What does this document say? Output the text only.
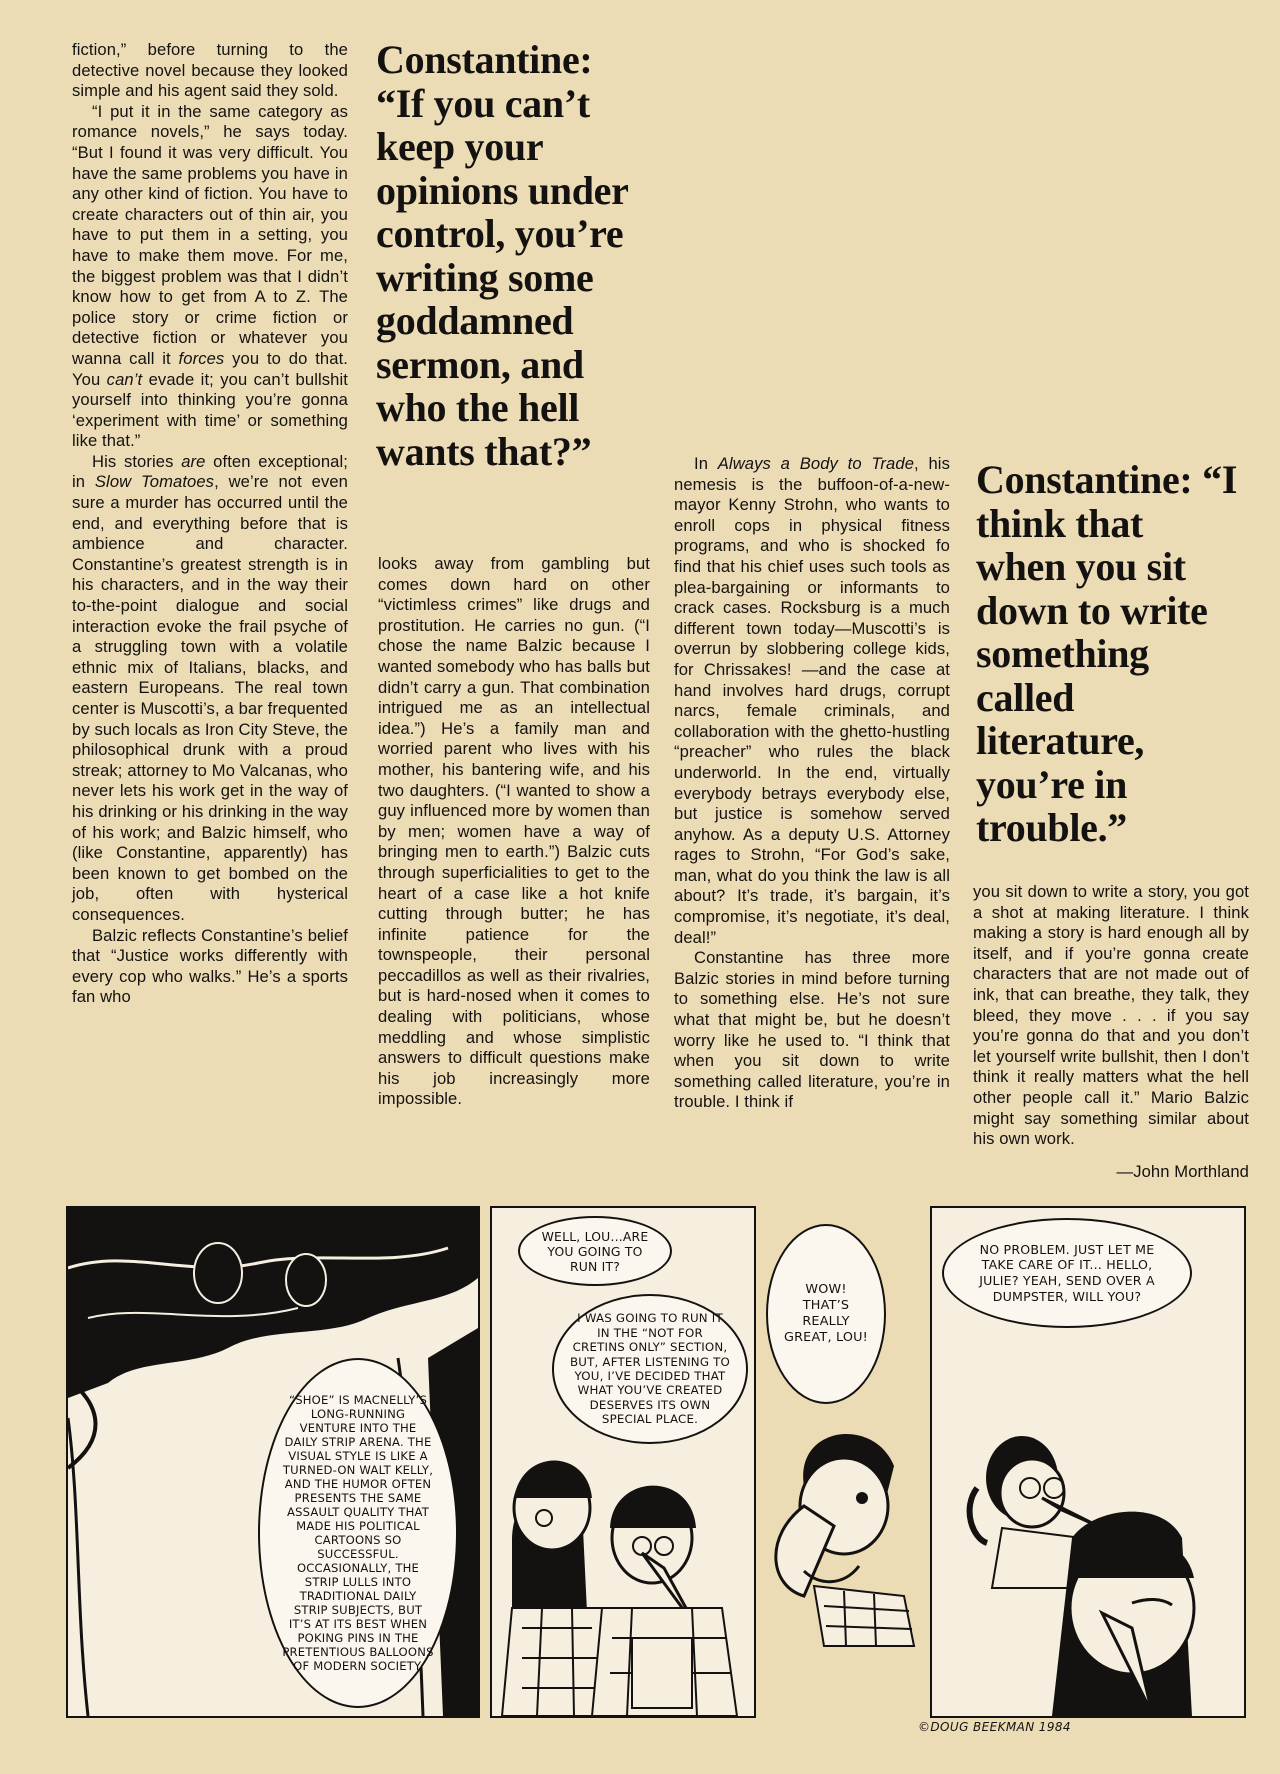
fiction,” before turning to the detective novel because they looked simple and his agent said they sold.

“I put it in the same category as romance novels,” he says today. “But I found it was very difficult. You have the same problems you have in any other kind of fiction. You have to create characters out of thin air, you have to put them in a setting, you have to make them move. For me, the biggest problem was that I didn’t know how to get from A to Z. The police story or crime fiction or detective fiction or whatever you wanna call it forces you to do that. You can’t evade it; you can’t bullshit yourself into thinking you’re gonna ‘experiment with time’ or something like that.”

His stories are often exceptional; in Slow Tomatoes, we’re not even sure a murder has occurred until the end, and everything before that is ambience and character. Constantine’s greatest strength is in his characters, and in the way their to-the-point dialogue and social interaction evoke the frail psyche of a struggling town with a volatile ethnic mix of Italians, blacks, and eastern Europeans. The real town center is Muscotti’s, a bar frequented by such locals as Iron City Steve, the philosophical drunk with a proud streak; attorney to Mo Valcanas, who never lets his work get in the way of his drinking or his drinking in the way of his work; and Balzic himself, who (like Constantine, apparently) has been known to get bombed on the job, often with hysterical consequences.

Balzic reflects Constantine’s belief that “Justice works differently with every cop who walks.” He’s a sports fan who

Constantine: “If you can’t keep your opinions under control, you’re writing some goddamned sermon, and who the hell wants that?”

looks away from gambling but comes down hard on other “victimless crimes” like drugs and prostitution. He carries no gun. (“I chose the name Balzic because I wanted somebody who has balls but didn’t carry a gun. That combination intrigued me as an intellectual idea.”) He’s a family man and worried parent who lives with his mother, his bantering wife, and his two daughters. (“I wanted to show a guy influenced more by women than by men; women have a way of bringing men to earth.”) Balzic cuts through superficialities to get to the heart of a case like a hot knife cutting through butter; he has infinite patience for the townspeople, their personal peccadillos as well as their rivalries, but is hard-nosed when it comes to dealing with politicians, whose meddling and whose simplistic answers to difficult questions make his job increasingly more impossible.

In Always a Body to Trade, his nemesis is the buffoon-of-a-new-mayor Kenny Strohn, who wants to enroll cops in physical fitness programs, and who is shocked fo find that his chief uses such tools as plea-bargaining or informants to crack cases. Rocksburg is a much different town today—Muscotti’s is overrun by slobbering college kids, for Chrissakes! —and the case at hand involves hard drugs, corrupt narcs, female criminals, and collaboration with the ghetto-hustling “preacher” who rules the black underworld. In the end, virtually everybody betrays everybody else, but justice is somehow served anyhow. As a deputy U.S. Attorney rages to Strohn, “For God’s sake, man, what do you think the law is all about? It’s trade, it’s bargain, it’s compromise, it’s negotiate, it’s deal, deal!”

Constantine has three more Balzic stories in mind before turning to something else. He’s not sure what that might be, but he doesn’t worry like he used to. “I think that when you sit down to write something called literature, you’re in trouble. I think if

Constantine: “I think that when you sit down to write something called literature, you’re in trouble.”

you sit down to write a story, you got a shot at making literature. I think making a story is hard enough all by itself, and if you’re gonna create characters that are not made out of ink, that can breathe, they talk, they bleed, they move . . . if you say you’re gonna do that and you don’t let yourself write bullshit, then I don’t think it really matters what the hell other people call it.” Mario Balzic might say something similar about his own work.

—John Morthland
“SHOE” IS MACNELLY’S LONG-RUNNING VENTURE INTO THE DAILY STRIP ARENA. THE VISUAL STYLE IS LIKE A TURNED-ON WALT KELLY, AND THE HUMOR OFTEN PRESENTS THE SAME ASSAULT QUALITY THAT MADE HIS POLITICAL CARTOONS SO SUCCESSFUL. OCCASIONALLY, THE STRIP LULLS INTO TRADITIONAL DAILY STRIP SUBJECTS, BUT IT’S AT ITS BEST WHEN POKING PINS IN THE PRETENTIOUS BALLOONS OF MODERN SOCIETY.
WELL, LOU...ARE YOU GOING TO RUN IT?
I WAS GOING TO RUN IT IN THE “NOT FOR CRETINS ONLY” SECTION, BUT, AFTER LISTENING TO YOU, I’VE DECIDED THAT WHAT YOU’VE CREATED DESERVES ITS OWN SPECIAL PLACE.
WOW! THAT’S REALLY GREAT, LOU!
NO PROBLEM. JUST LET ME TAKE CARE OF IT... HELLO, JULIE? YEAH, SEND OVER A DUMPSTER, WILL YOU?
©DOUG BEEKMAN 1984
